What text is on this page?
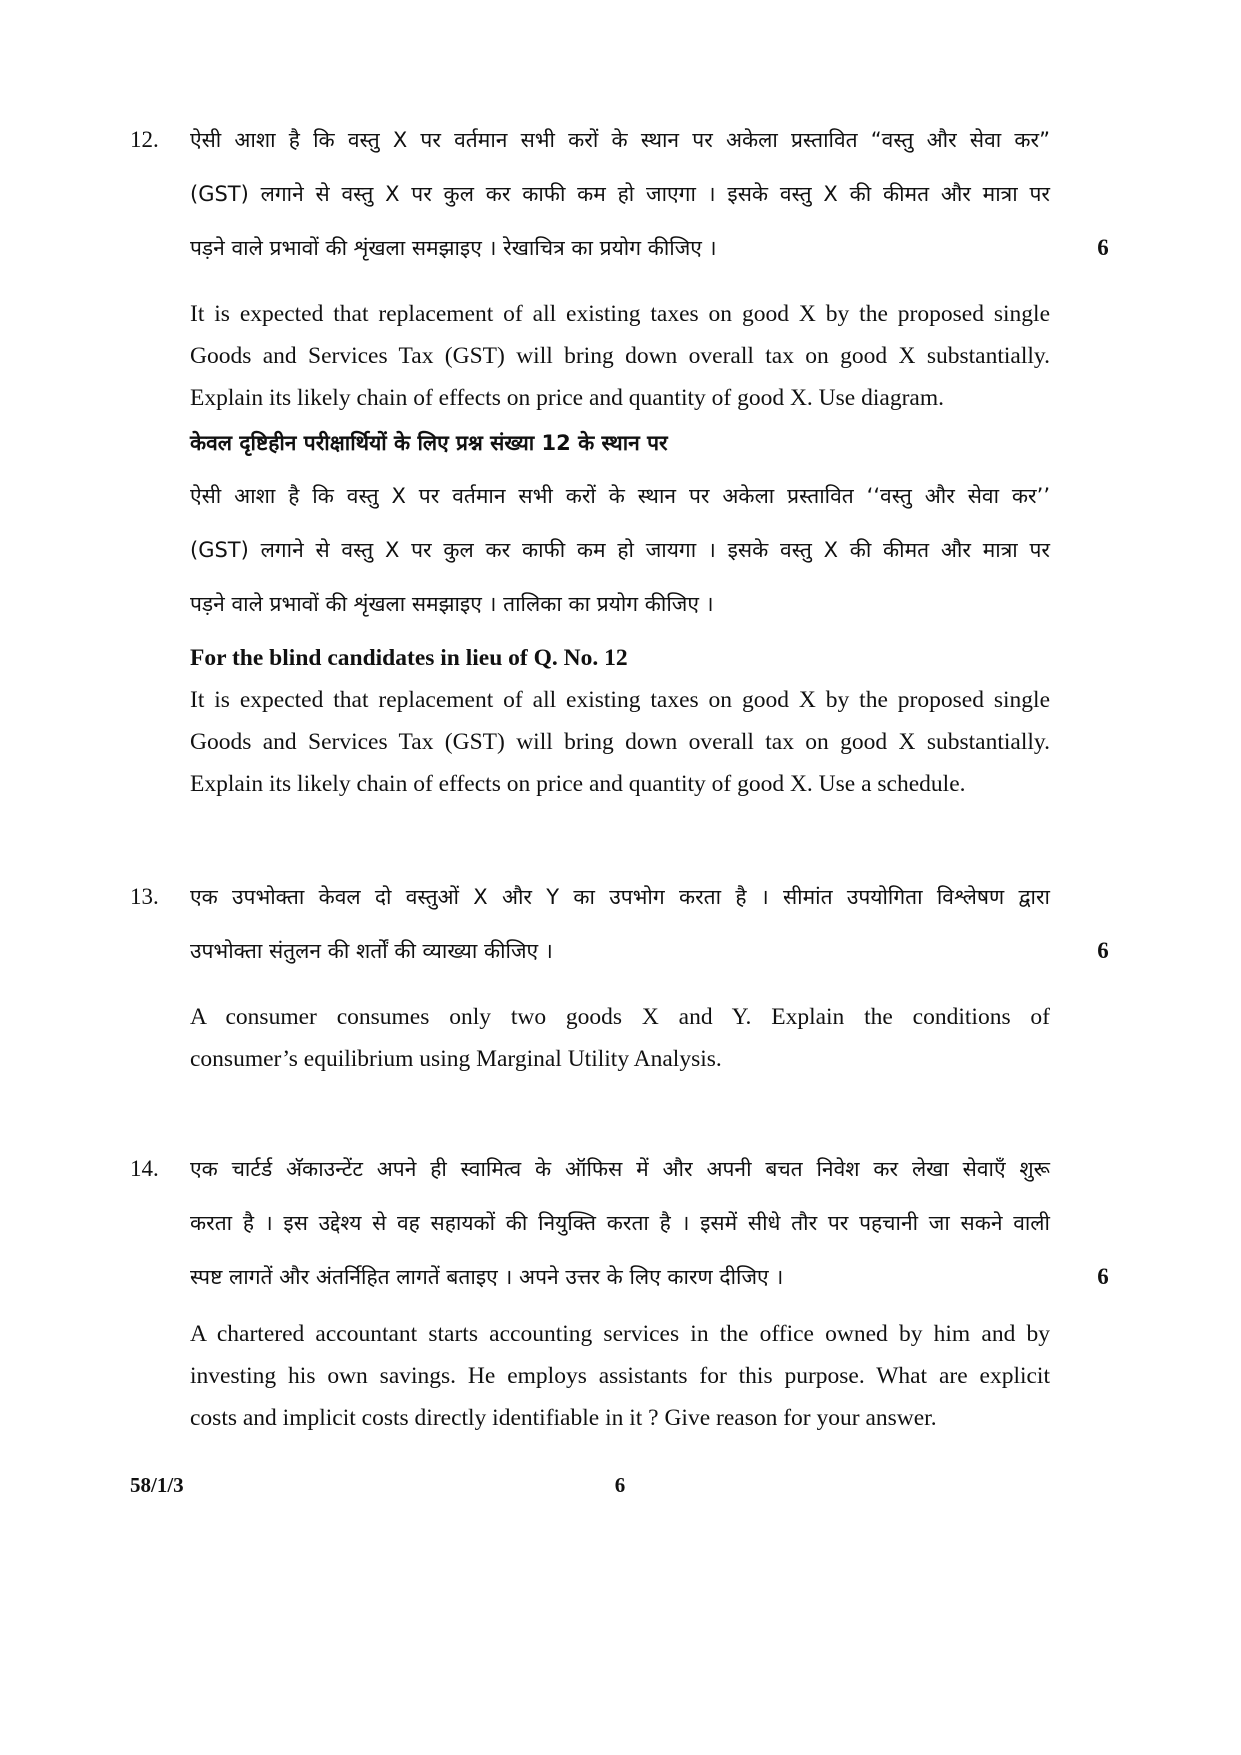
12. ऐसी आशा है कि वस्तु X पर वर्तमान सभी करों के स्थान पर अकेला प्रस्तावित “वस्तु और सेवा कर”
(GST) लगाने से वस्तु X पर कुल कर काफी कम हो जाएगा । इसके वस्तु X की कीमत और मात्रा पर
पड़ने वाले प्रभावों की शृंखला समझाइए । रेखाचित्र का प्रयोग कीजिए ।	6
It is expected that replacement of all existing taxes on good X by the proposed single
Goods and Services Tax (GST) will bring down overall tax on good X substantially.
Explain its likely chain of effects on price and quantity of good X. Use diagram.
केवल दृष्टिहीन परीक्षार्थियों के लिए प्रश्न संख्या 12 के स्थान पर
ऐसी आशा है कि वस्तु X पर वर्तमान सभी करों के स्थान पर अकेला प्रस्तावित ‘‘वस्तु और सेवा कर’’
(GST) लगाने से वस्तु X पर कुल कर काफी कम हो जायगा । इसके वस्तु X की कीमत और मात्रा पर
पड़ने वाले प्रभावों की शृंखला समझाइए । तालिका का प्रयोग कीजिए ।
For the blind candidates in lieu of Q. No. 12
It is expected that replacement of all existing taxes on good X by the proposed single
Goods and Services Tax (GST) will bring down overall tax on good X substantially.
Explain its likely chain of effects on price and quantity of good X. Use a schedule.
13. एक उपभोक्ता केवल दो वस्तुओं X और Y का उपभोग करता है । सीमांत उपयोगिता विश्लेषण द्वारा
उपभोक्ता संतुलन की शर्तों की व्याख्या कीजिए ।	6
A consumer consumes only two goods X and Y. Explain the conditions of
consumer’s equilibrium using Marginal Utility Analysis.
14. एक चार्टर्ड अ‍ॅकाउन्टेंट अपने ही स्वामित्व के ऑफिस में और अपनी बचत निवेश कर लेखा सेवाएँ शुरू
करता है । इस उद्देश्य से वह सहायकों की नियुक्ति करता है । इसमें सीधे तौर पर पहचानी जा सकने वाली
स्पष्ट लागतें और अंतर्निहित लागतें बताइए । अपने उत्तर के लिए कारण दीजिए ।	6
A chartered accountant starts accounting services in the office owned by him and by
investing his own savings. He employs assistants for this purpose. What are explicit
costs and implicit costs directly identifiable in it ? Give reason for your answer.
58/1/3	6
